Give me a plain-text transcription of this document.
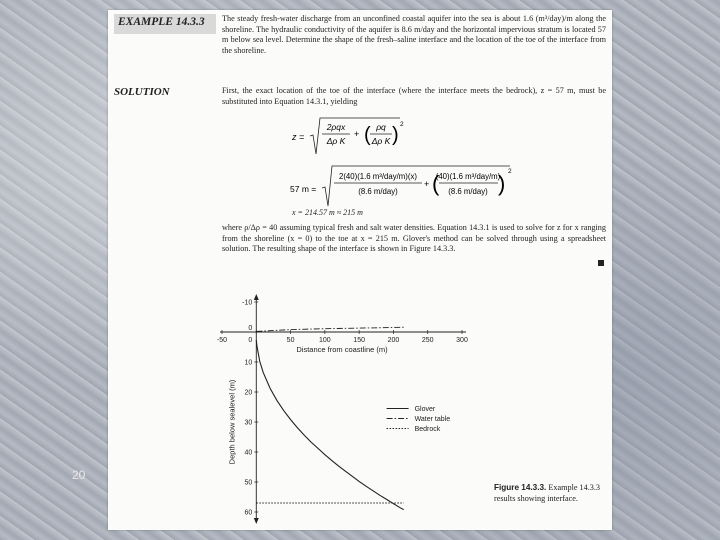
20
EXAMPLE 14.3.3	The steady fresh-water discharge from an unconfined coastal aquifer into the sea is about 1.6 (m³/day)/m along the shoreline. The hydraulic conductivity of the aquifer is 8.6 m/day and the horizontal impervious stratum is located 57 m below sea level. Determine the shape of the fresh–saline interface and the location of the toe of the interface from the shoreline.
SOLUTION	First, the exact location of the toe of the interface (where the interface meets the bedrock), z = 57 m, must be substituted into Equation 14.3.1, yielding
z =
2ρqx
Δρ K
+ ( ρq
Δρ K ) 2
57 m =
2(40)(1.6 m³/day/m)(x)
(8.6 m/day)
+ (
(40)(1.6 m³/day/m)
(8.6 m/day) ) 2
x = 214.57 m ≈ 215 m
where ρ/Δρ = 40 assuming typical fresh and salt water densities. Equation 14.3.1 is used to solve for z for x ranging from the shoreline (x = 0) to the toe at x = 215 m. Glover's method can be solved through using a spreadsheet solution. The resulting shape of the interface is shown in Figure 14.3.3.
-50	0	50	100	150	200	250	300
-10
0
10
20
30
40
50
60
Distance from coastline (m)
Depth below sealevel (m)	Glover
Water table
Bedrock
Figure 14.3.3. Example 14.3.3 results showing interface.
